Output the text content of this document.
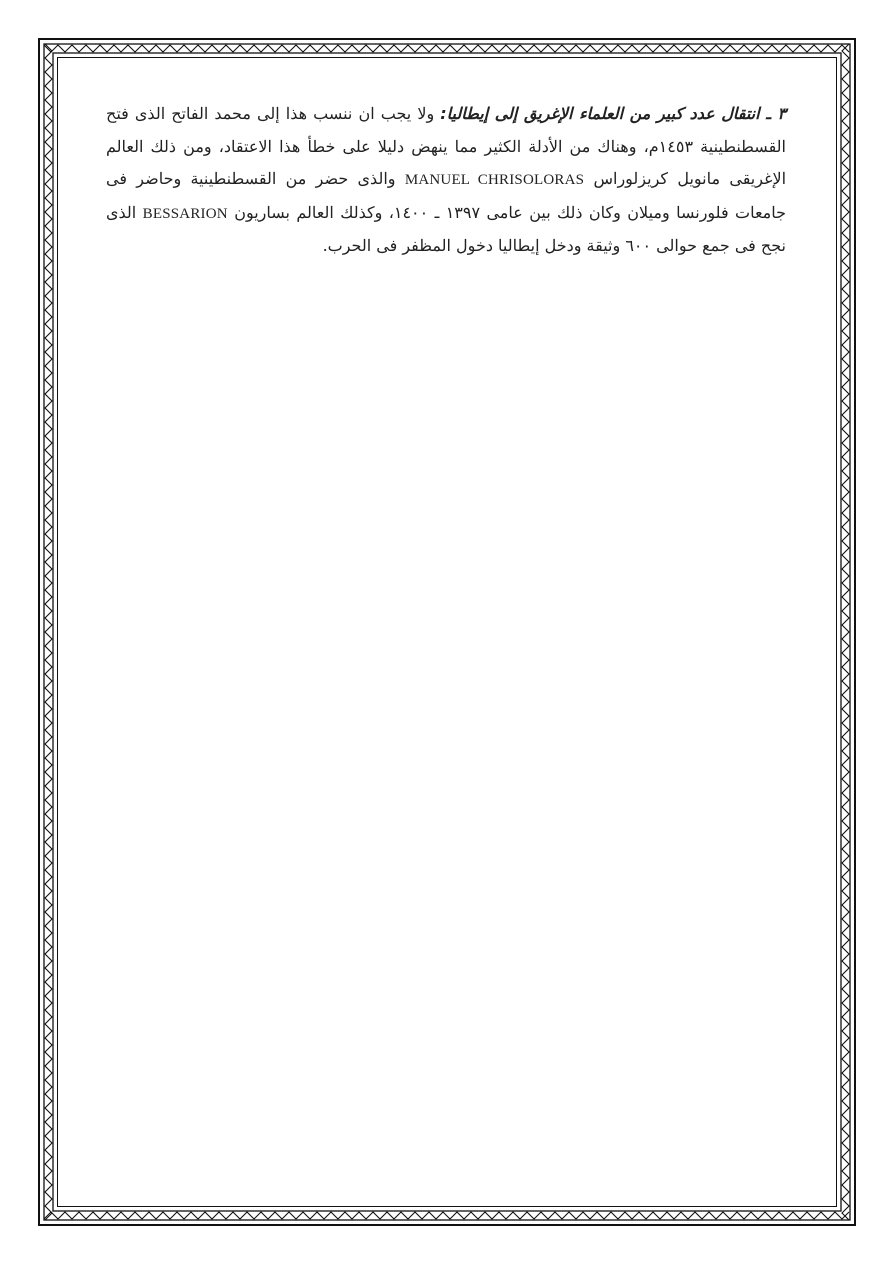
٣ ـ انتقال عدد كبير من العلماء الإغريق إلى إيطاليا: ولا يجب ان ننسب هذا إلى محمد الفاتح الذى فتح القسطنطينية ١٤٥٣م، وهناك من الأدلة الكثير مما ينهض دليلا على خطأ هذا الاعتقاد، ومن ذلك العالم الإغريقى مانويل كريزلوراس MANUEL CHRISOLORAS والذى حضر من القسطنطينية وحاضر فى جامعات فلورنسا وميلان وكان ذلك بين عامى ١٣٩٧ ـ ١٤٠٠، وكذلك العالم بساريون BESSARION الذى نجح فى جمع حوالى ٦٠٠ وثيقة ودخل إيطاليا دخول المظفر فى الحرب.
